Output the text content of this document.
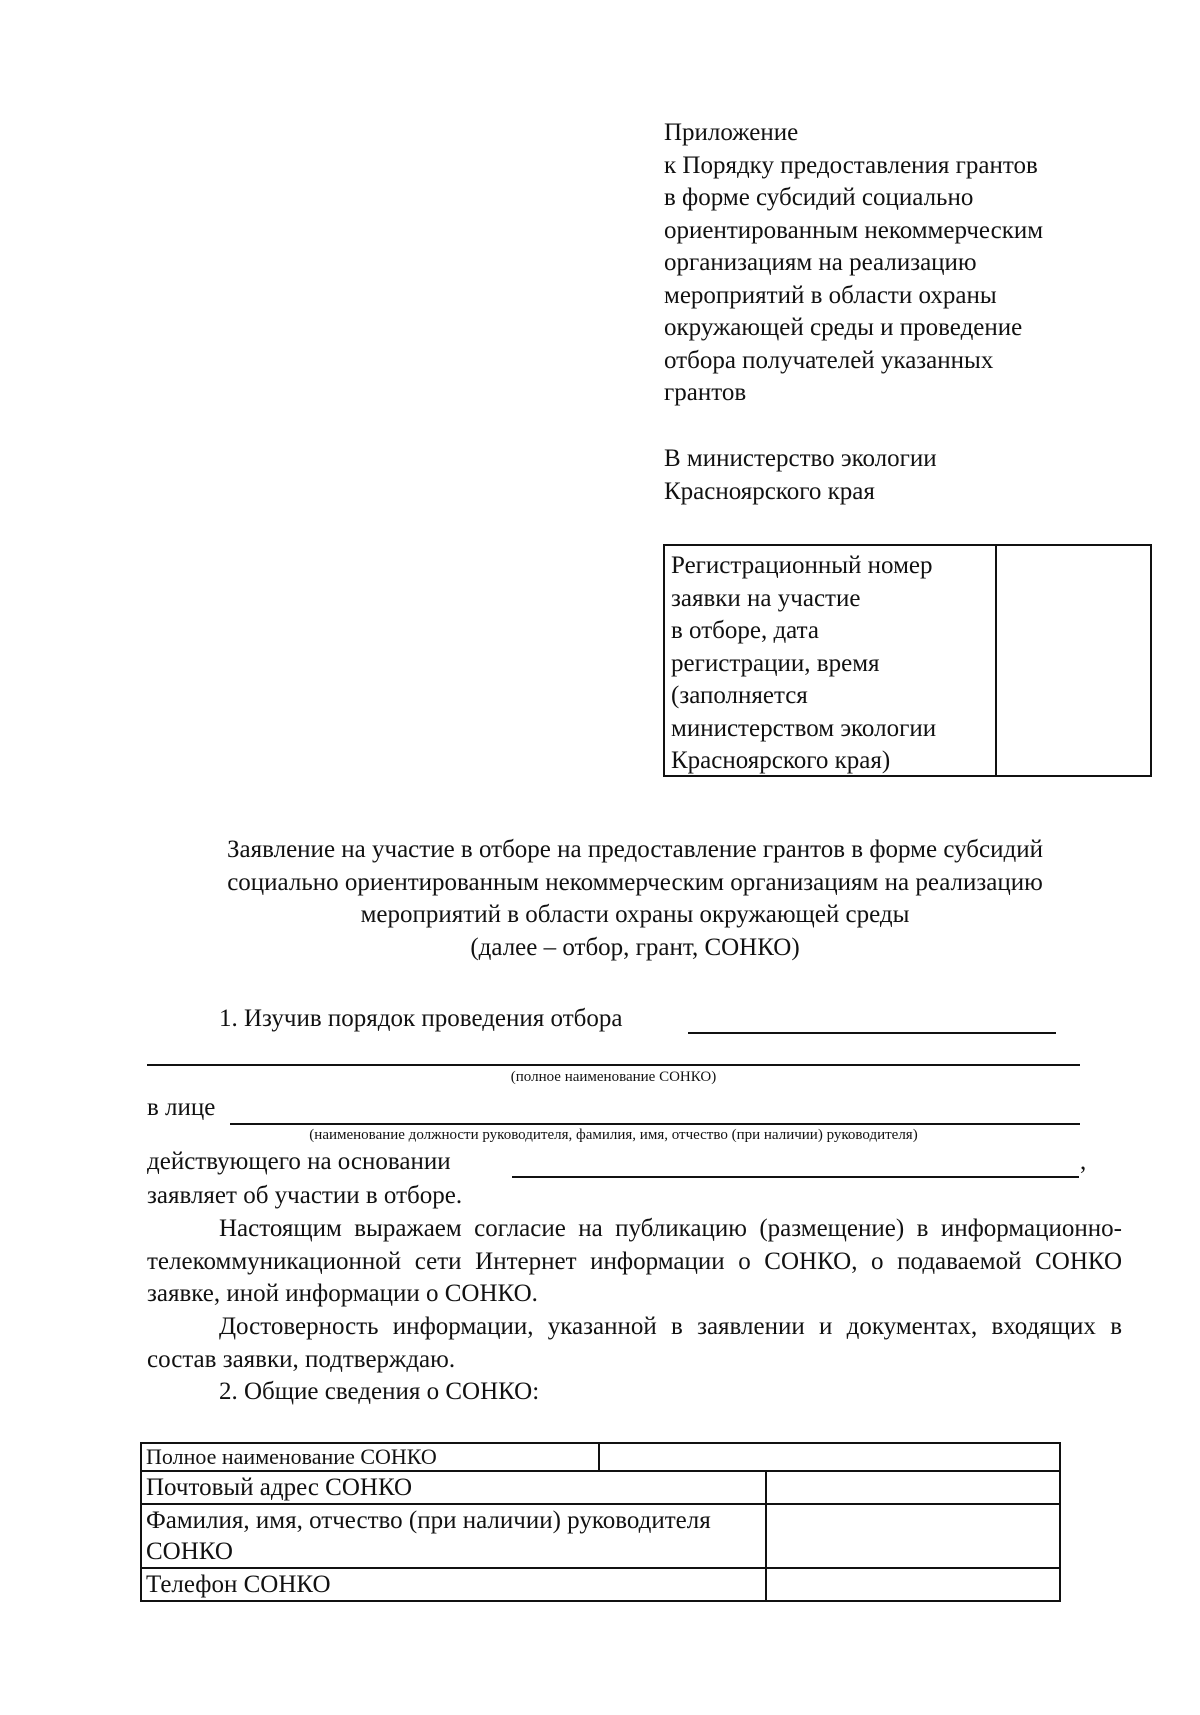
Приложение
к Порядку предоставления грантов
в форме субсидий социально
ориентированным некоммерческим
организациям на реализацию
мероприятий в области охраны
окружающей среды и проведение
отбора получателей указанных
грантов
В министерство экологии
Красноярского края
Регистрационный номер
заявки на участие
в отборе, дата
регистрации, время
(заполняется
министерством экологии
Красноярского края)
Заявление на участие в отборе на предоставление грантов в форме субсидий
социально ориентированным некоммерческим организациям на реализацию
мероприятий в области охраны окружающей среды
(далее – отбор, грант, СОНКО)
1. Изучив порядок проведения отбора
(полное наименование СОНКО)
в лице
(наименование должности руководителя, фамилия, имя, отчество (при наличии) руководителя)
действующего на основании	,
заявляет об участии в отборе.
Настоящим выражаем согласие на публикацию (размещение) в информационно-телекоммуникационной сети Интернет информации о СОНКО, о подаваемой СОНКО заявке, иной информации о СОНКО.
Достоверность информации, указанной в заявлении и документах, входящих в состав заявки, подтверждаю.
2. Общие сведения о СОНКО:
Полное наименование СОНКО		
Почтовый адрес СОНКО		
Фамилия, имя, отчество (при наличии) руководителя СОНКО		
Телефон СОНКО		
